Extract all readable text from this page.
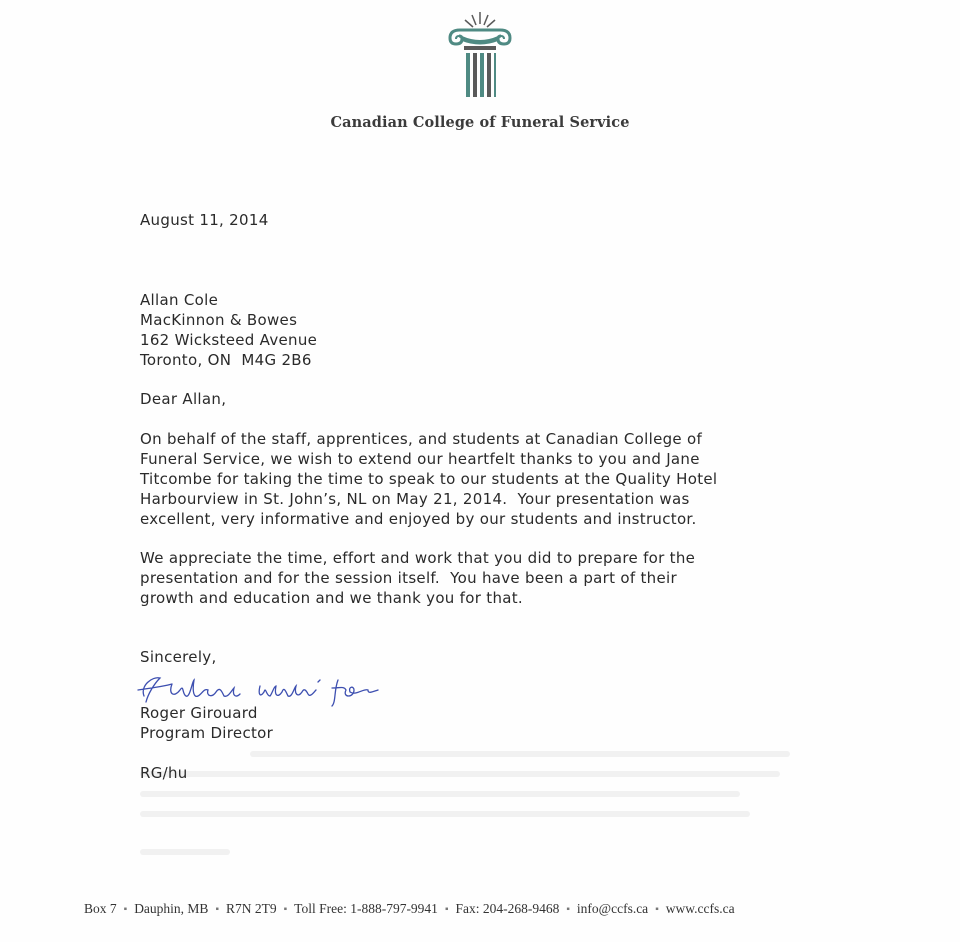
Canadian College of Funeral Service
August 11, 2014

Allan Cole

MacKinnon & Bowes

162 Wicksteed Avenue

Toronto, ON  M4G 2B6

Dear Allan,

On behalf of the staff, apprentices, and students at Canadian College of

Funeral Service, we wish to extend our heartfelt thanks to you and Jane

Titcombe for taking the time to speak to our students at the Quality Hotel

Harbourview in St. John’s, NL on May 21, 2014.  Your presentation was

excellent, very informative and enjoyed by our students and instructor.

We appreciate the time, effort and work that you did to prepare for the

presentation and for the session itself.  You have been a part of their

growth and education and we thank you for that.

Sincerely,

Roger Girouard

Program Director

RG/hu
Box 7 ▪ Dauphin, MB ▪ R7N 2T9 ▪ Toll Free: 1-888-797-9941 ▪ Fax: 204-268-9468 ▪ info@ccfs.ca ▪ www.ccfs.ca
